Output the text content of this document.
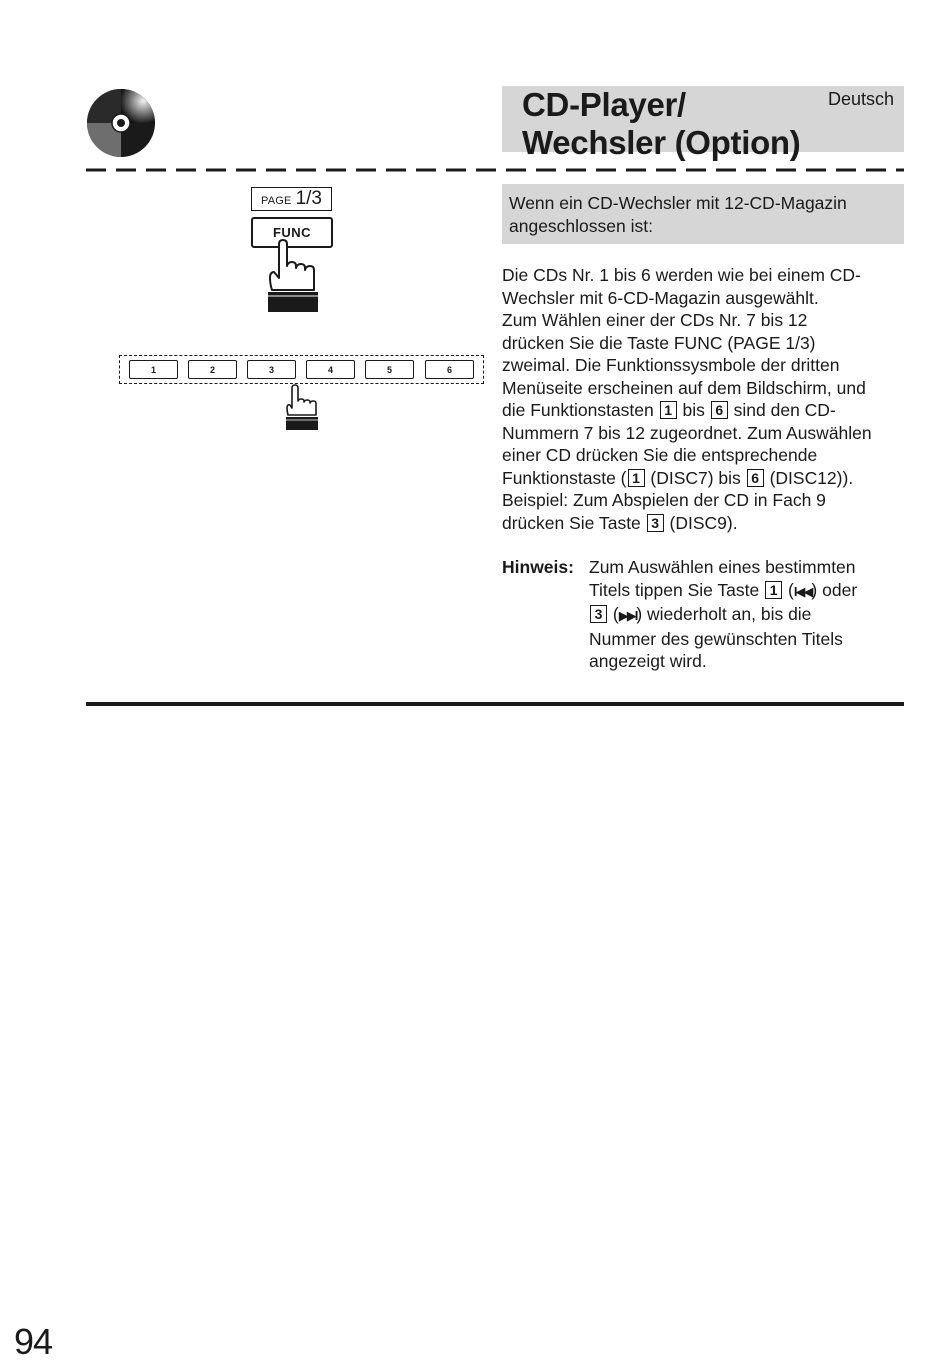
CD-Player/
Wechsler (Option)
Deutsch
PAGE 1/3
FUNC
1	2	3	4	5	6
Wenn ein CD-Wechsler mit 12-CD-Magazin
angeschlossen ist:
Die CDs Nr. 1 bis 6 werden wie bei einem CD-
Wechsler mit 6-CD-Magazin ausgewählt.
Zum Wählen einer der CDs Nr. 7 bis 12
drücken Sie die Taste FUNC (PAGE 1/3)
zweimal. Die Funktionssysmbole der dritten
Menüseite erscheinen auf dem Bildschirm, und
die Funktionstasten 1 bis 6 sind den CD-
Nummern 7 bis 12 zugeordnet. Zum Auswählen
einer CD drücken Sie die entsprechende
Funktionstaste ( 1 (DISC7) bis 6 (DISC12)).
Beispiel: Zum Abspielen der CD in Fach 9
drücken Sie Taste 3 (DISC9).
Hinweis: Zum Auswählen eines bestimmten
Titels tippen Sie Taste 1 (I◀◀) oder
3 (▶▶I) wiederholt an, bis die
Nummer des gewünschten Titels
angezeigt wird.
94
